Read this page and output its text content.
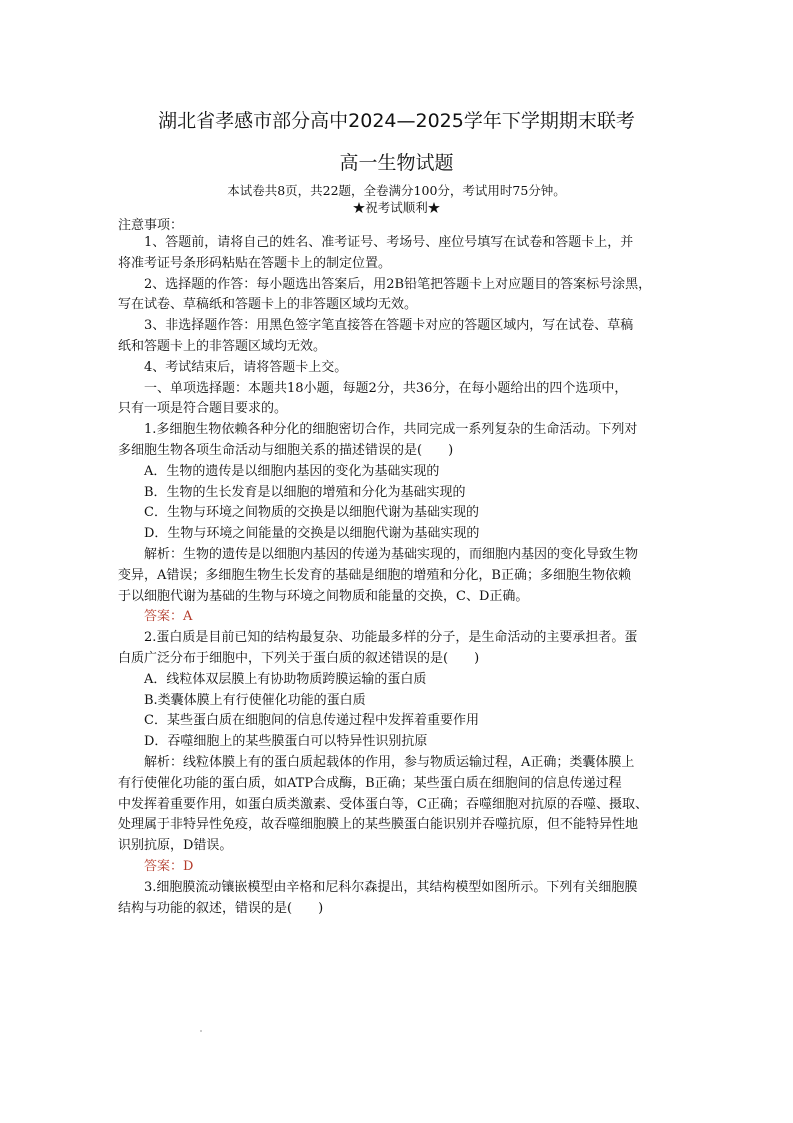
湖北省孝感市部分高中2024—2025学年下学期期末联考
高一生物试题
本试卷共8页，共22题，全卷满分100分，考试用时75分钟。
★祝考试顺利★
注意事项：
1、答题前，请将自己的姓名、准考证号、考场号、座位号填写在试卷和答题卡上，并
将准考证号条形码粘贴在答题卡上的制定位置。
2、选择题的作答：每小题选出答案后，用2B铅笔把答题卡上对应题目的答案标号涂黑，
写在试卷、草稿纸和答题卡上的非答题区域均无效。
3、非选择题作答：用黑色签字笔直接答在答题卡对应的答题区域内，写在试卷、草稿
纸和答题卡上的非答题区域均无效。
4、考试结束后，请将答题卡上交。
一、单项选择题：本题共18小题，每题2分，共36分，在每小题给出的四个选项中，
只有一项是符合题目要求的。
1.多细胞生物依赖各种分化的细胞密切合作，共同完成一系列复杂的生命活动。下列对
多细胞生物各项生命活动与细胞关系的描述错误的是(　　)
A．生物的遗传是以细胞内基因的变化为基础实现的
B．生物的生长发育是以细胞的增殖和分化为基础实现的
C．生物与环境之间物质的交换是以细胞代谢为基础实现的
D．生物与环境之间能量的交换是以细胞代谢为基础实现的
解析：生物的遗传是以细胞内基因的传递为基础实现的，而细胞内基因的变化导致生物
变异，A错误；多细胞生物生长发育的基础是细胞的增殖和分化，B正确；多细胞生物依赖
于以细胞代谢为基础的生物与环境之间物质和能量的交换，C、D正确。
答案：A
2.蛋白质是目前已知的结构最复杂、功能最多样的分子，是生命活动的主要承担者。蛋
白质广泛分布于细胞中，下列关于蛋白质的叙述错误的是(　　)
A．线粒体双层膜上有协助物质跨膜运输的蛋白质
B.类囊体膜上有行使催化功能的蛋白质
C．某些蛋白质在细胞间的信息传递过程中发挥着重要作用
D．吞噬细胞上的某些膜蛋白可以特异性识别抗原
解析：线粒体膜上有的蛋白质起载体的作用，参与物质运输过程，A正确；类囊体膜上
有行使催化功能的蛋白质，如ATP合成酶，B正确；某些蛋白质在细胞间的信息传递过程
中发挥着重要作用，如蛋白质类激素、受体蛋白等，C正确；吞噬细胞对抗原的吞噬、摄取、
处理属于非特异性免疫，故吞噬细胞膜上的某些膜蛋白能识别并吞噬抗原，但不能特异性地
识别抗原，D错误。
答案：D
3.细胞膜流动镶嵌模型由辛格和尼科尔森提出，其结构模型如图所示。下列有关细胞膜
结构与功能的叙述，错误的是(　　)
